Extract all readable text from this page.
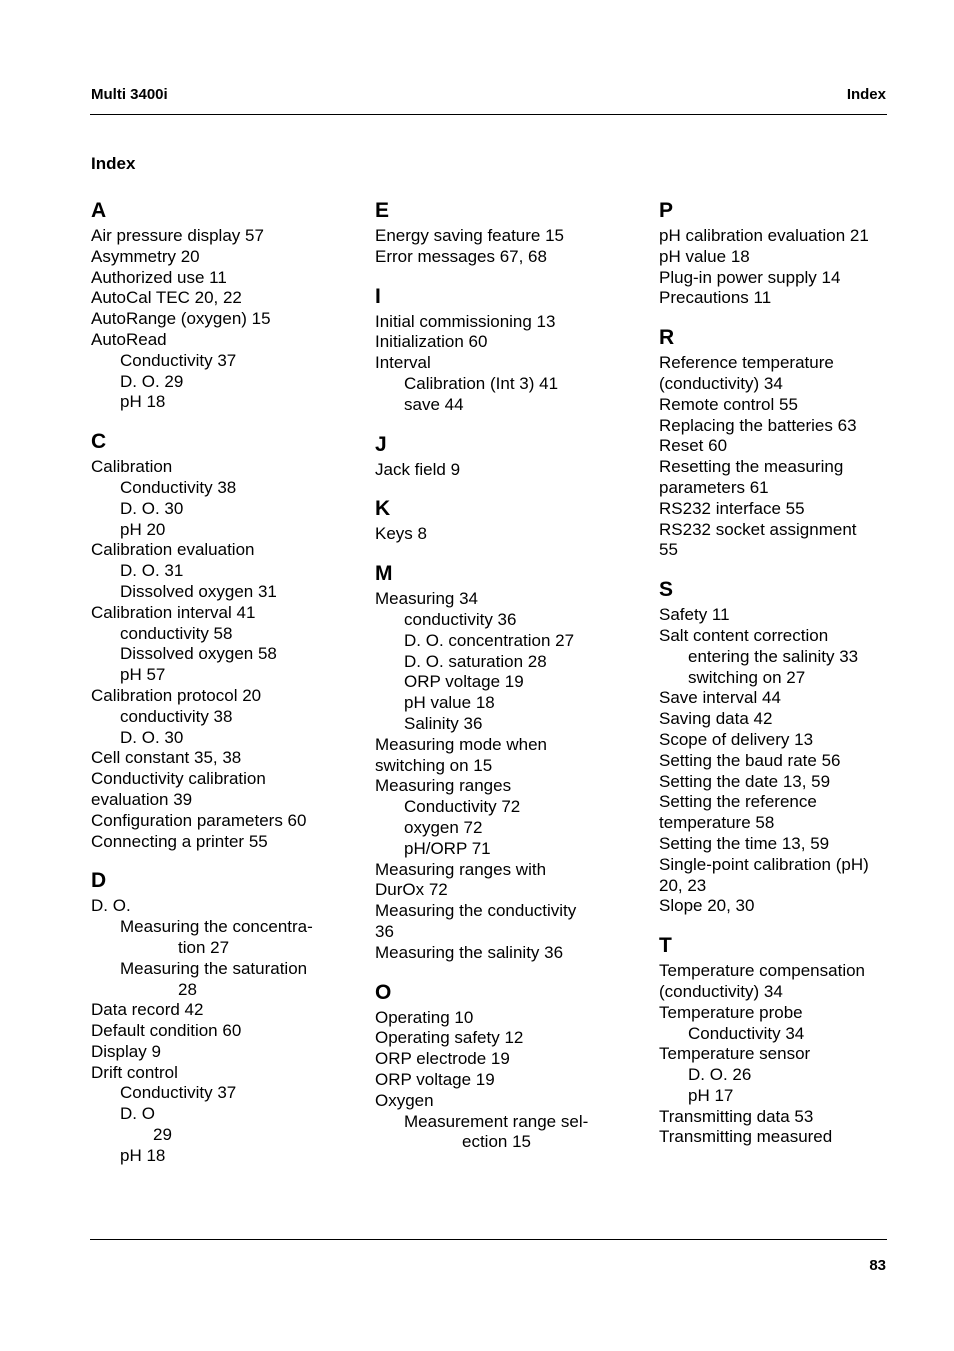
Multi 3400i	Index
Index
A
Air pressure display 57
Asymmetry 20
Authorized use 11
AutoCal TEC 20, 22
AutoRange (oxygen) 15
AutoRead
Conductivity 37
D. O. 29
pH 18
C
Calibration
Conductivity 38
D. O. 30
pH 20
Calibration evaluation
D. O. 31
Dissolved oxygen 31
Calibration interval 41
conductivity 58
Dissolved oxygen 58
pH 57
Calibration protocol 20
conductivity 38
D. O. 30
Cell constant 35, 38
Conductivity calibration
evaluation 39
Configuration parameters 60
Connecting a printer 55
D
D. O.
Measuring the concentra-
tion 27
Measuring the saturation
28
Data record 42
Default condition 60
Display 9
Drift control
Conductivity 37
D. O
29
pH 18
E
Energy saving feature 15
Error messages 67, 68
I
Initial commissioning 13
Initialization 60
Interval
Calibration (Int 3) 41
save 44
J
Jack field 9
K
Keys 8
M
Measuring 34
conductivity 36
D. O. concentration 27
D. O. saturation 28
ORP voltage 19
pH value 18
Salinity 36
Measuring mode when
switching on 15
Measuring ranges
Conductivity 72
oxygen 72
pH/ORP 71
Measuring ranges with
DurOx 72
Measuring the conductivity
36
Measuring the salinity 36
O
Operating 10
Operating safety 12
ORP electrode 19
ORP voltage 19
Oxygen
Measurement range sel-
ection 15
P
pH calibration evaluation 21
pH value 18
Plug-in power supply 14
Precautions 11
R
Reference temperature
(conductivity) 34
Remote control 55
Replacing the batteries 63
Reset 60
Resetting the measuring
parameters 61
RS232 interface 55
RS232 socket assignment
55
S
Safety 11
Salt content correction
entering the salinity 33
switching on 27
Save interval 44
Saving data 42
Scope of delivery 13
Setting the baud rate 56
Setting the date 13, 59
Setting the reference
temperature 58
Setting the time 13, 59
Single-point calibration (pH)
20, 23
Slope 20, 30
T
Temperature compensation
(conductivity) 34
Temperature probe
Conductivity 34
Temperature sensor
D. O. 26
pH 17
Transmitting data 53
Transmitting measured
83
